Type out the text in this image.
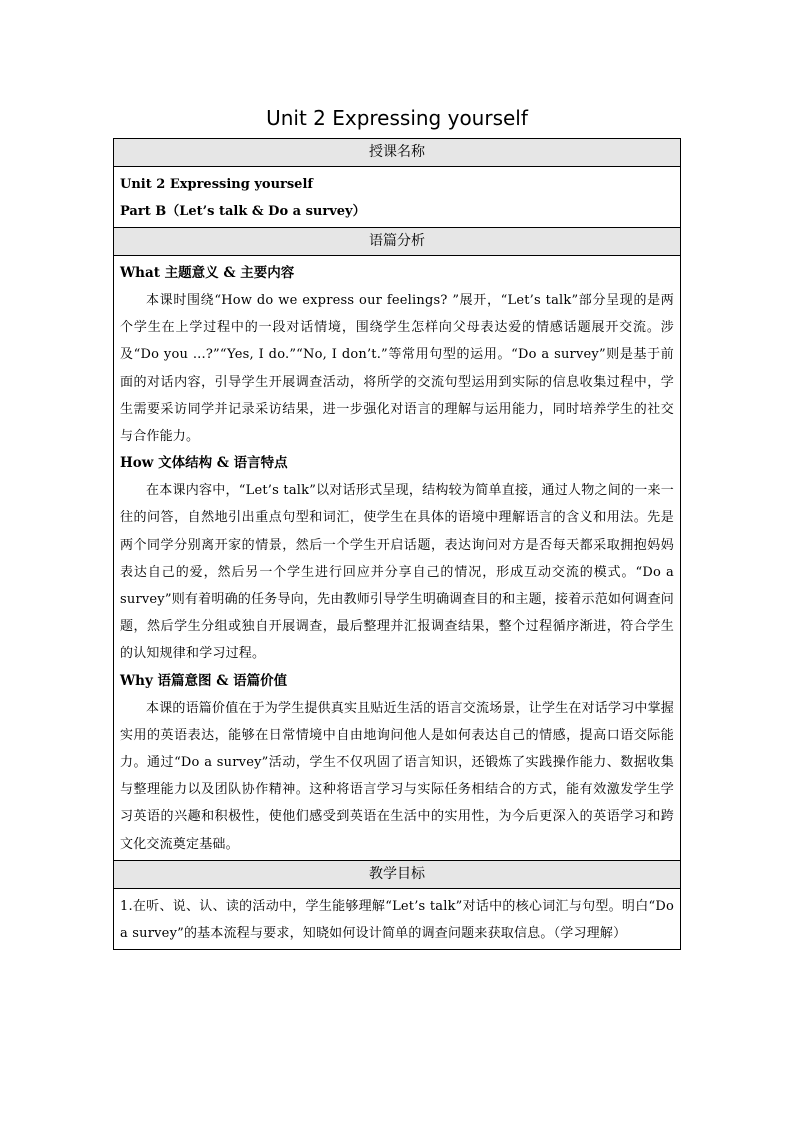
Unit 2 Expressing yourself
授课名称

Unit 2 Expressing yourself
Part B（Let’s talk & Do a survey）

语篇分析

What 主题意义 & 主要内容

本课时围绕“How do we express our feelings? ”展开，“Let’s talk”部分呈现的是两个学生在上学过程中的一段对话情境，围绕学生怎样向父母表达爱的情感话题展开交流。涉及“Do you ...?”“Yes, I do.”“No, I don’t.”等常用句型的运用。“Do a survey”则是基于前面的对话内容，引导学生开展调查活动，将所学的交流句型运用到实际的信息收集过程中，学生需要采访同学并记录采访结果，进一步强化对语言的理解与运用能力，同时培养学生的社交与合作能力。

How 文体结构 & 语言特点

在本课内容中，“Let’s talk”以对话形式呈现，结构较为简单直接，通过人物之间的一来一往的问答，自然地引出重点句型和词汇，使学生在具体的语境中理解语言的含义和用法。先是两个同学分别离开家的情景，然后一个学生开启话题，表达询问对方是否每天都采取拥抱妈妈表达自己的爱，然后另一个学生进行回应并分享自己的情况，形成互动交流的模式。“Do a survey”则有着明确的任务导向，先由教师引导学生明确调查目的和主题，接着示范如何调查问题，然后学生分组或独自开展调查，最后整理并汇报调查结果，整个过程循序渐进，符合学生的认知规律和学习过程。

Why 语篇意图 & 语篇价值

本课的语篇价值在于为学生提供真实且贴近生活的语言交流场景，让学生在对话学习中掌握实用的英语表达，能够在日常情境中自由地询问他人是如何表达自己的情感，提高口语交际能力。通过“Do a survey”活动，学生不仅巩固了语言知识，还锻炼了实践操作能力、数据收集与整理能力以及团队协作精神。这种将语言学习与实际任务相结合的方式，能有效激发学生学习英语的兴趣和积极性，使他们感受到英语在生活中的实用性，为今后更深入的英语学习和跨文化交流奠定基础。

教学目标

1.在听、说、认、读的活动中，学生能够理解“Let’s talk”对话中的核心词汇与句型。明白“Do a survey”的基本流程与要求，知晓如何设计简单的调查问题来获取信息。（学习理解）
